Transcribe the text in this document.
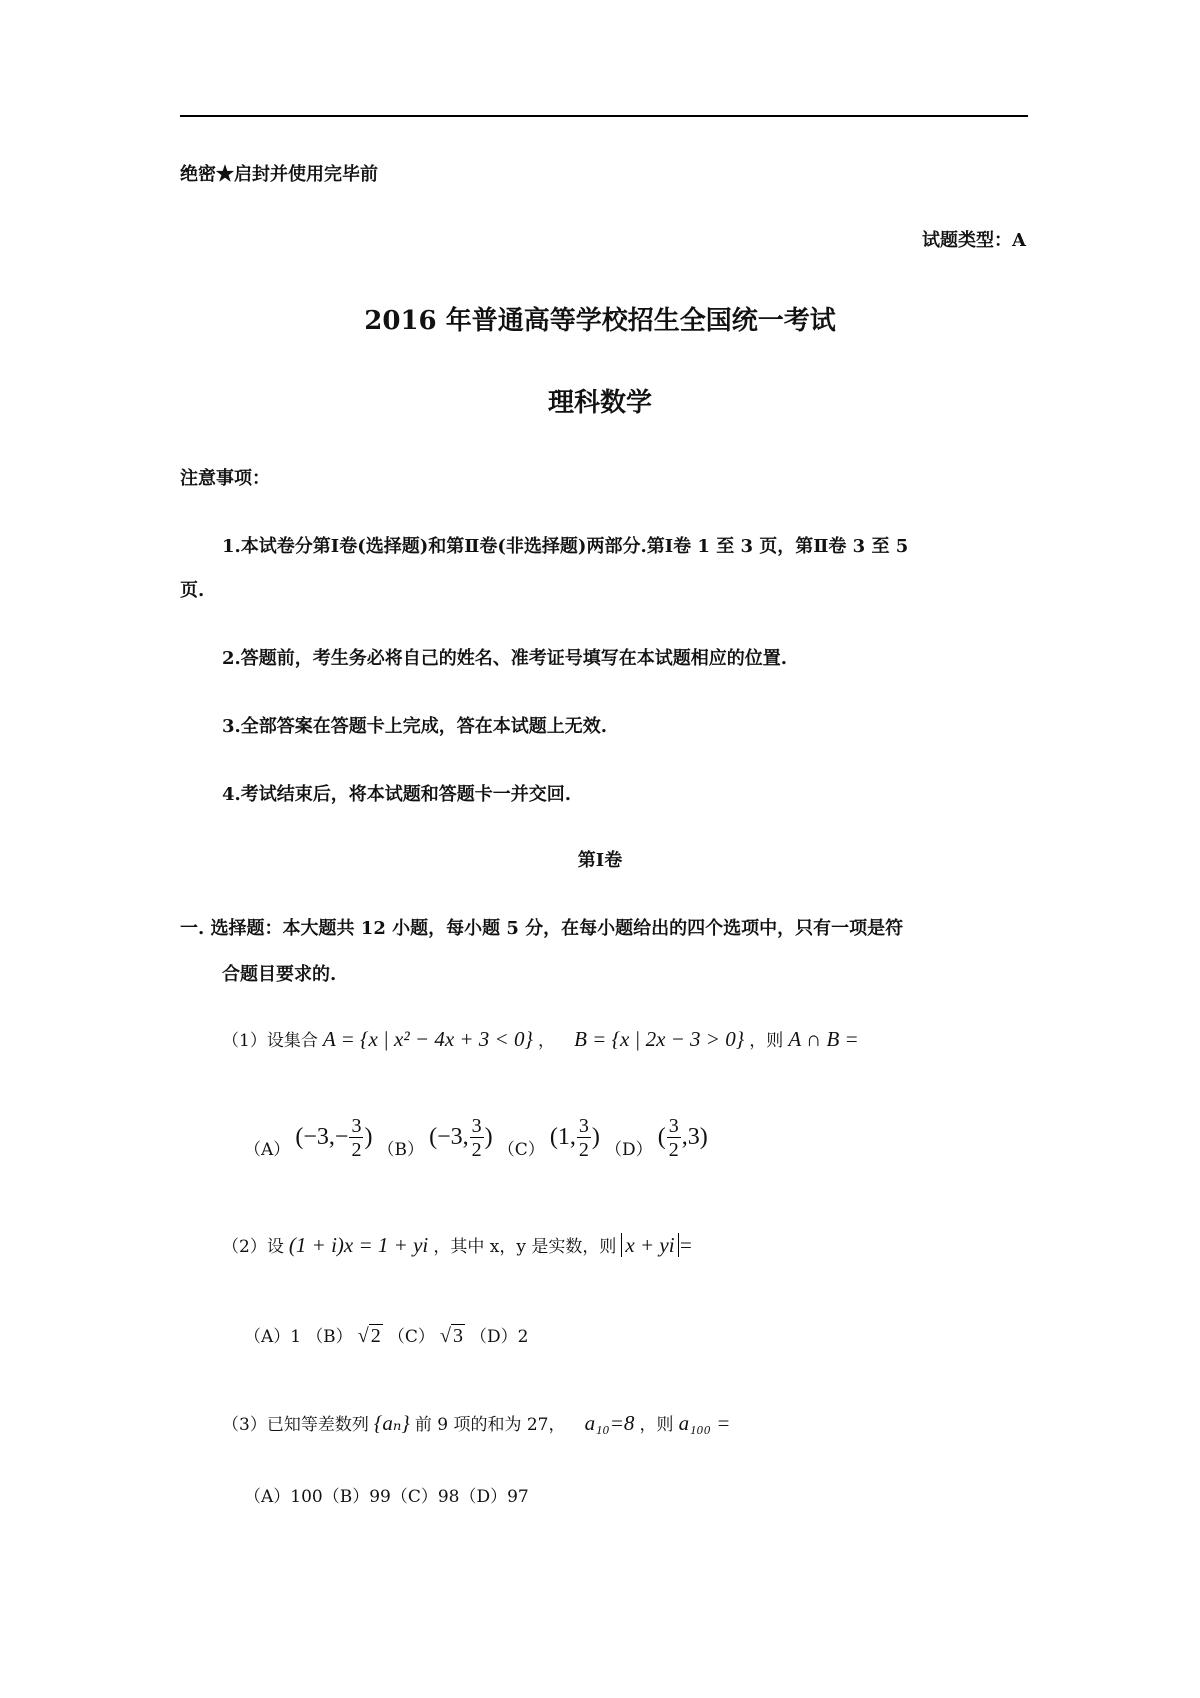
绝密★启封并使用完毕前
试题类型：A
2016 年普通高等学校招生全国统一考试
理科数学
注意事项：
1.本试卷分第Ⅰ卷(选择题)和第Ⅱ卷(非选择题)两部分.第Ⅰ卷 1 至 3 页，第Ⅱ卷 3 至 5
页.
2.答题前，考生务必将自己的姓名、准考证号填写在本试题相应的位置.
3.全部答案在答题卡上完成，答在本试题上无效.
4.考试结束后，将本试题和答题卡一并交回.
第Ⅰ卷
一. 选择题：本大题共 12 小题，每小题 5 分，在每小题给出的四个选项中，只有一项是符
合题目要求的.
（1）设集合 A = {x | x² − 4x + 3 < 0} ， B = {x | 2x − 3 > 0} ，则 A ∩ B =
（A） ($-3,- \frac{3}{2}$ ) （B） (−3, $\frac{3}{2}$ ) （C） (1, $\frac{3}{2}$ ) （D） ( $\frac{3}{2} ,3$)
（2）设 (1 + i)x = 1 + yi ，其中 x，y 是实数，则 x + yi =
（A）1 （B） √ 2 （C） √ 3 （D）2
（3）已知等差数列 {aₙ} 前 9 项的和为 27， a₁₀=8 ，则 a₁₀₀ =
（A）100（B）99（C）98（D）97
